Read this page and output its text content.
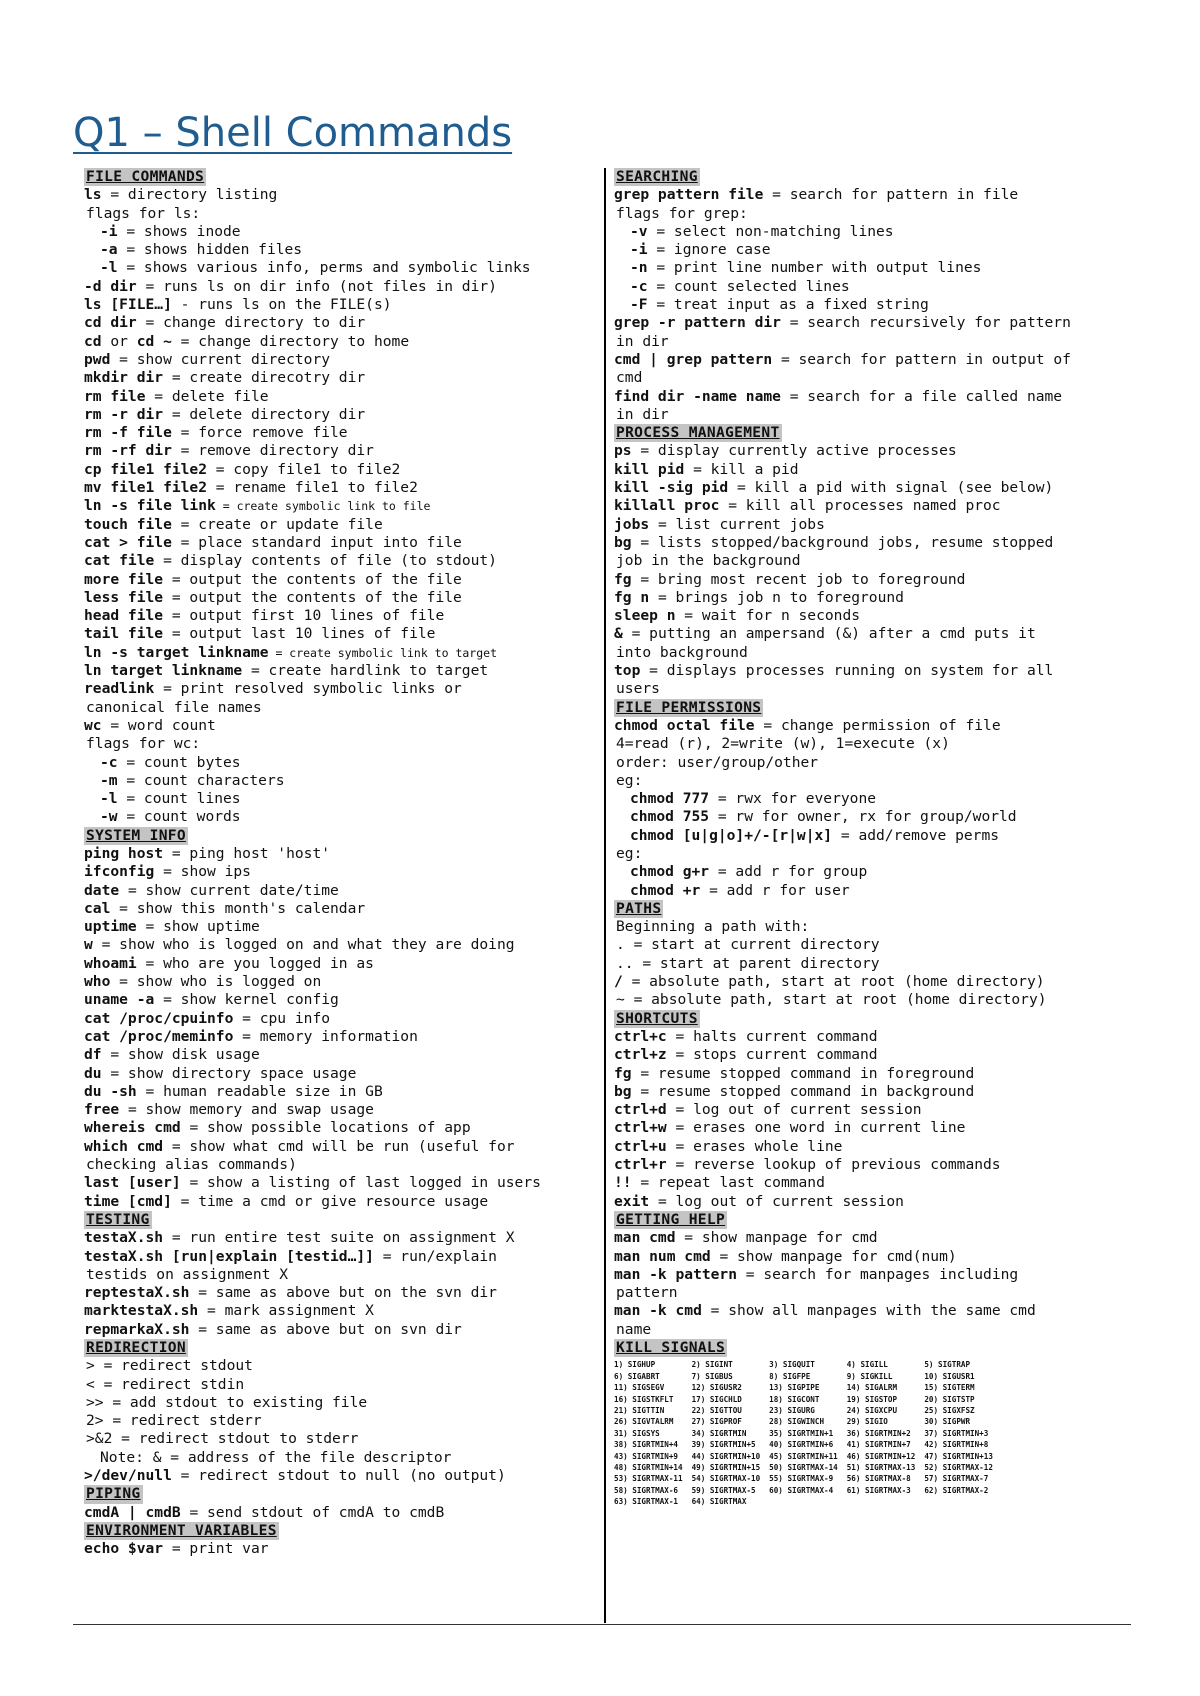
Q1 – Shell Commands
FILE COMMANDS
ls = directory listing
flags for ls:
-i = shows inode
-a = shows hidden files
-l = shows various info, perms and symbolic links
-d dir = runs ls on dir info (not files in dir)
ls [FILE…] - runs ls on the FILE(s)
cd dir = change directory to dir
cd or cd ~ = change directory to home
pwd = show current directory
mkdir dir = create direcotry dir
rm file = delete file
rm -r dir = delete directory dir
rm -f file = force remove file
rm -rf dir = remove directory dir
cp file1 file2 = copy file1 to file2
mv file1 file2 = rename file1 to file2
ln -s file link = create symbolic link to file
touch file = create or update file
cat > file = place standard input into file
cat file = display contents of file (to stdout)
more file = output the contents of the file
less file = output the contents of the file
head file = output first 10 lines of file
tail file = output last 10 lines of file
ln -s target linkname = create symbolic link to target
ln target linkname = create hardlink to target
readlink = print resolved symbolic links or
canonical file names
wc = word count
flags for wc:
-c = count bytes
-m = count characters
-l = count lines
-w = count words
SYSTEM INFO
ping host = ping host 'host'
ifconfig = show ips
date = show current date/time
cal = show this month's calendar
uptime = show uptime
w = show who is logged on and what they are doing
whoami = who are you logged in as
who = show who is logged on
uname -a = show kernel config
cat /proc/cpuinfo = cpu info
cat /proc/meminfo = memory information
df = show disk usage
du = show directory space usage
du -sh = human readable size in GB
free = show memory and swap usage
whereis cmd = show possible locations of app
which cmd = show what cmd will be run (useful for
checking alias commands)
last [user] = show a listing of last logged in users
time [cmd] = time a cmd or give resource usage
TESTING
testaX.sh = run entire test suite on assignment X
testaX.sh [run|explain [testid…]] = run/explain
testids on assignment X
reptestaX.sh = same as above but on the svn dir
marktestaX.sh = mark assignment X
repmarkaX.sh = same as above but on svn dir
REDIRECTION
> = redirect stdout
< = redirect stdin
>> = add stdout to existing file
2> = redirect stderr
>&2 = redirect stdout to stderr
Note: & = address of the file descriptor
>/dev/null = redirect stdout to null (no output)
PIPING
cmdA | cmdB = send stdout of cmdA to cmdB
ENVIRONMENT VARIABLES
echo $var = print var
SEARCHING
grep pattern file = search for pattern in file
flags for grep:
-v = select non-matching lines
-i = ignore case
-n = print line number with output lines
-c = count selected lines
-F = treat input as a fixed string
grep -r pattern dir = search recursively for pattern
in dir
cmd | grep pattern = search for pattern in output of
cmd
find dir -name name = search for a file called name
in dir
PROCESS MANAGEMENT
ps = display currently active processes
kill pid = kill a pid
kill -sig pid = kill a pid with signal (see below)
killall proc = kill all processes named proc
jobs = list current jobs
bg = lists stopped/background jobs, resume stopped
job in the background
fg = bring most recent job to foreground
fg n = brings job n to foreground
sleep n = wait for n seconds
& = putting an ampersand (&) after a cmd puts it
into background
top = displays processes running on system for all
users
FILE PERMISSIONS
chmod octal file = change permission of file
4=read (r), 2=write (w), 1=execute (x)
order: user/group/other
eg:
chmod 777 = rwx for everyone
chmod 755 = rw for owner, rx for group/world
chmod [u|g|o]+/-[r|w|x] = add/remove perms
eg:
chmod g+r = add r for group
chmod +r = add r for user
PATHS
Beginning a path with:
. = start at current directory
.. = start at parent directory
/ = absolute path, start at root (home directory)
~ = absolute path, start at root (home directory)
SHORTCUTS
ctrl+c = halts current command
ctrl+z = stops current command
fg = resume stopped command in foreground
bg = resume stopped command in background
ctrl+d = log out of current session
ctrl+w = erases one word in current line
ctrl+u = erases whole line
ctrl+r = reverse lookup of previous commands
!! = repeat last command
exit = log out of current session
GETTING HELP
man cmd = show manpage for cmd
man num cmd = show manpage for cmd(num)
man -k pattern = search for manpages including
pattern
man -k cmd = show all manpages with the same cmd
name
KILL SIGNALS
1) SIGHUP	2) SIGINT	3) SIGQUIT	4) SIGILL	5) SIGTRAP
6) SIGABRT	7) SIGBUS	8) SIGFPE	9) SIGKILL	10) SIGUSR1
11) SIGSEGV	12) SIGUSR2	13) SIGPIPE	14) SIGALRM	15) SIGTERM
16) SIGSTKFLT	17) SIGCHLD	18) SIGCONT	19) SIGSTOP	20) SIGTSTP
21) SIGTTIN	22) SIGTTOU	23) SIGURG	24) SIGXCPU	25) SIGXFSZ
26) SIGVTALRM	27) SIGPROF	28) SIGWINCH	29) SIGIO	30) SIGPWR
31) SIGSYS	34) SIGRTMIN	35) SIGRTMIN+1	36) SIGRTMIN+2	37) SIGRTMIN+3
38) SIGRTMIN+4	39) SIGRTMIN+5	40) SIGRTMIN+6	41) SIGRTMIN+7	42) SIGRTMIN+8
43) SIGRTMIN+9	44) SIGRTMIN+10	45) SIGRTMIN+11	46) SIGRTMIN+12	47) SIGRTMIN+13
48) SIGRTMIN+14	49) SIGRTMIN+15	50) SIGRTMAX-14	51) SIGRTMAX-13	52) SIGRTMAX-12
53) SIGRTMAX-11	54) SIGRTMAX-10	55) SIGRTMAX-9	56) SIGRTMAX-8	57) SIGRTMAX-7
58) SIGRTMAX-6	59) SIGRTMAX-5	60) SIGRTMAX-4	61) SIGRTMAX-3	62) SIGRTMAX-2
63) SIGRTMAX-1	64) SIGRTMAX			
